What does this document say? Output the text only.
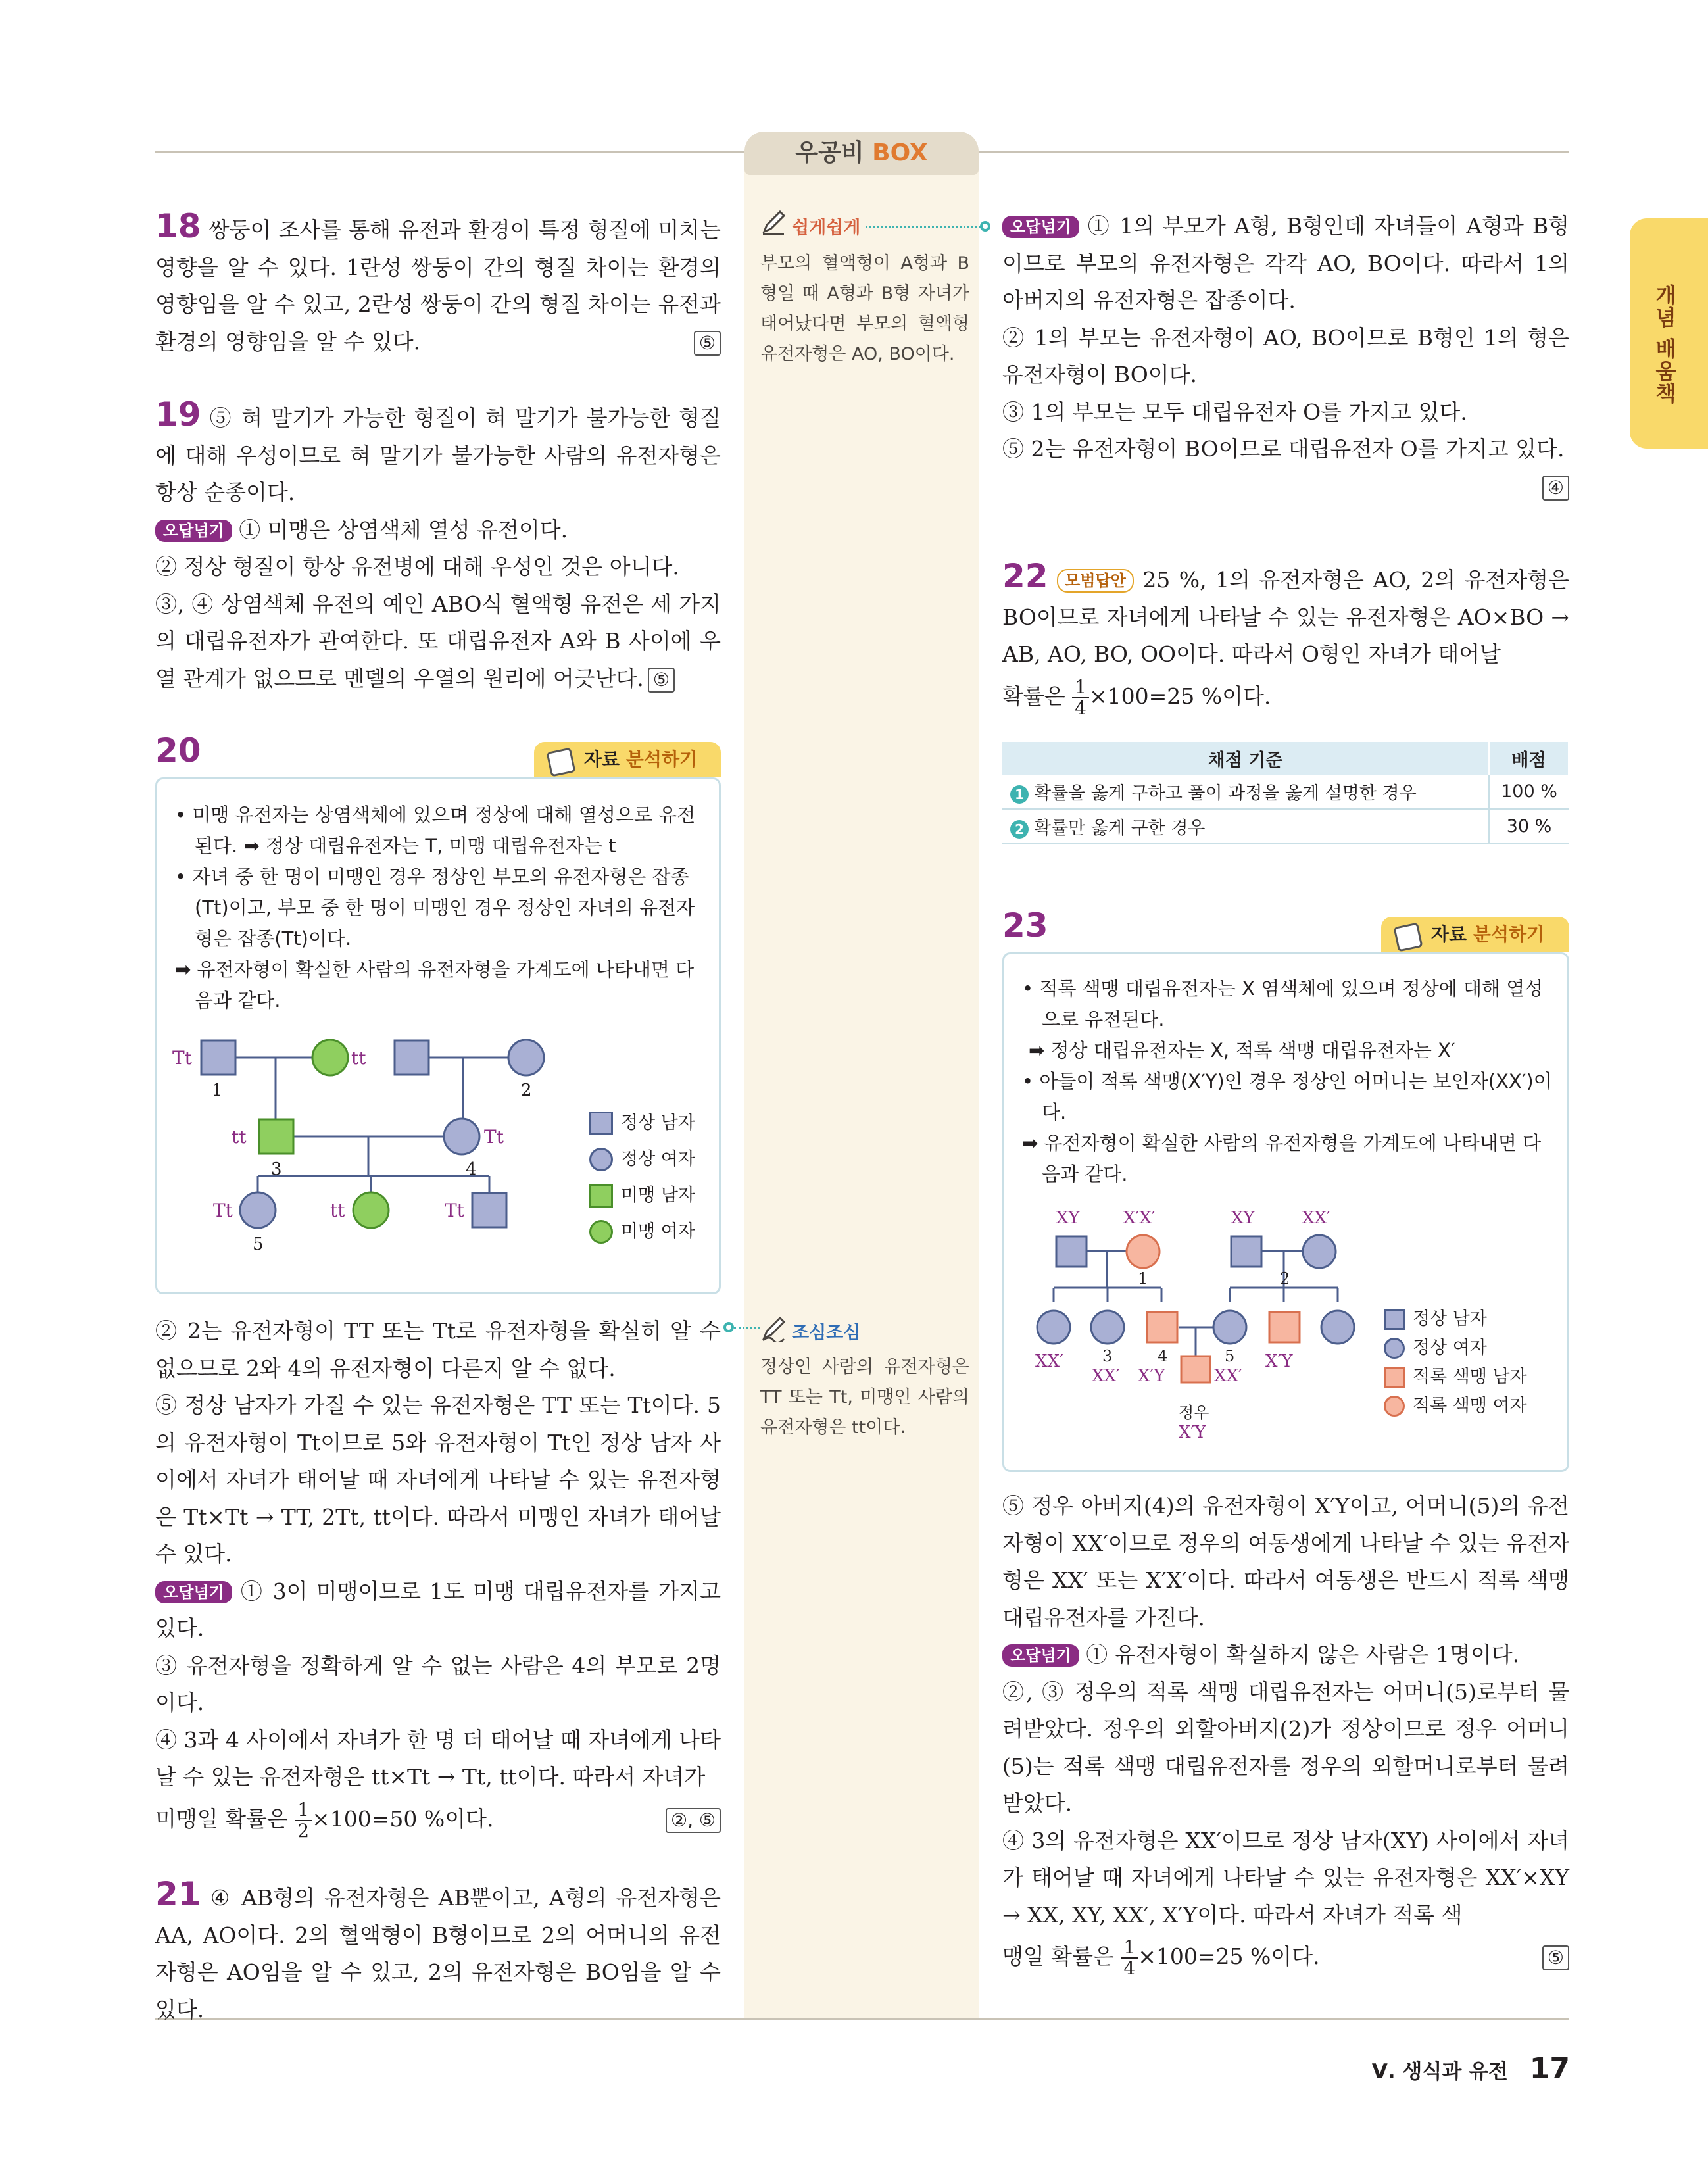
우공비 BOX
개념 배움책
18 쌍둥이 조사를 통해 유전과 환경이 특정 형질에 미치는 영향을 알 수 있다. 1란성 쌍둥이 간의 형질 차이는 환경의 영향임을 알 수 있고, 2란성 쌍둥이 간의 형질 차이는 유전과 환경의 영향임을 알 수 있다.	⑤
19 ⑤ 혀 말기가 가능한 형질이 혀 말기가 불가능한 형질에 대해 우성이므로 혀 말기가 불가능한 사람의 유전자형은 항상 순종이다.
오답넘기 ① 미맹은 상염색체 열성 유전이다.
② 정상 형질이 항상 유전병에 대해 우성인 것은 아니다.
③, ④ 상염색체 유전의 예인 ABO식 혈액형 유전은 세 가지의 대립유전자가 관여한다. 또 대립유전자 A와 B 사이에 우열 관계가 없으므로 멘델의 우열의 원리에 어긋난다. ⑤
20	자료 분석하기

• 미맹 유전자는 상염색체에 있으며 정상에 대해 열성으로 유전된다. ➡ 정상 대립유전자는 T, 미맹 대립유전자는 t

• 자녀 중 한 명이 미맹인 경우 정상인 부모의 유전자형은 잡종(Tt)이고, 부모 중 한 명이 미맹인 경우 정상인 자녀의 유전자형은 잡종(Tt)이다.

➡ 유전자형이 확실한 사람의 유전자형을 가계도에 나타내면 다음과 같다.

Tt	tt
tt	Tt
Tt	tt	Tt
1	2
3	4
5
정상 남자
정상 여자
미맹 남자
미맹 여자
② 2는 유전자형이 TT 또는 Tt로 유전자형을 확실히 알 수 없으므로 2와 4의 유전자형이 다른지 알 수 없다.
⑤ 정상 남자가 가질 수 있는 유전자형은 TT 또는 Tt이다. 5의 유전자형이 Tt이므로 5와 유전자형이 Tt인 정상 남자 사이에서 자녀가 태어날 때 자녀에게 나타날 수 있는 유전자형은 Tt×Tt → TT, 2Tt, tt이다. 따라서 미맹인 자녀가 태어날 수 있다.
오답넘기 ① 3이 미맹이므로 1도 미맹 대립유전자를 가지고 있다.
③ 유전자형을 정확하게 알 수 없는 사람은 4의 부모로 2명이다.
④ 3과 4 사이에서 자녀가 한 명 더 태어날 때 자녀에게 나타날 수 있는 유전자형은 tt×Tt → Tt, tt이다. 따라서 자녀가
미맹일 확률은 $\frac{1}{2} \times 100=50$ %이다.	②, ⑤
21 ④ AB형의 유전자형은 AB뿐이고, A형의 유전자형은 AA, AO이다. 2의 혈액형이 B형이므로 2의 어머니의 유전자형은 AO임을 알 수 있고, 2의 유전자형은 BO임을 알 수 있다.
쉽게쉽게
부모의 혈액형이 A형과 B형일 때 A형과 B형 자녀가 태어났다면 부모의 혈액형 유전자형은 AO, BO이다.
조심조심
정상인 사람의 유전자형은 TT 또는 Tt, 미맹인 사람의 유전자형은 tt이다.
오답넘기 ① 1의 부모가 A형, B형인데 자녀들이 A형과 B형이므로 부모의 유전자형은 각각 AO, BO이다. 따라서 1의 아버지의 유전자형은 잡종이다.
② 1의 부모는 유전자형이 AO, BO이므로 B형인 1의 형은 유전자형이 BO이다.
③ 1의 부모는 모두 대립유전자 O를 가지고 있다.
⑤ 2는 유전자형이 BO이므로 대립유전자 O를 가지고 있다.
④
22 모범답안 25 %, 1의 유전자형은 AO, 2의 유전자형은 BO이므로 자녀에게 나타날 수 있는 유전자형은 AO×BO → AB, AO, BO, OO이다. 따라서 O형인 자녀가 태어날
확률은 $\frac{1}{4} \times 100=25$ %이다.
채점 기준	배점
1 확률을 옳게 구하고 풀이 과정을 옳게 설명한 경우	100 %
2 확률만 옳게 구한 경우	30 %
23	자료 분석하기

• 적록 색맹 대립유전자는 X 염색체에 있으며 정상에 대해 열성으로 유전된다.

➡ 정상 대립유전자는 X, 적록 색맹 대립유전자는 X′

• 아들이 적록 색맹(X′Y)인 경우 정상인 어머니는 보인자(XX′)이다.

➡ 유전자형이 확실한 사람의 유전자형을 가계도에 나타내면 다음과 같다.

XY	X′X′	XY	XX′
XX′
XX′ X′Y	XX′
X′Y
X′Y
1	2
3	4	5
정우
정상 남자
정상 여자
적록 색맹 남자
적록 색맹 여자
⑤ 정우 아버지(4)의 유전자형이 X′Y이고, 어머니(5)의 유전자형이 XX′이므로 정우의 여동생에게 나타날 수 있는 유전자형은 XX′ 또는 X′X′이다. 따라서 여동생은 반드시 적록 색맹 대립유전자를 가진다.
오답넘기 ① 유전자형이 확실하지 않은 사람은 1명이다.
②, ③ 정우의 적록 색맹 대립유전자는 어머니(5)로부터 물려받았다. 정우의 외할아버지(2)가 정상이므로 정우 어머니(5)는 적록 색맹 대립유전자를 정우의 외할머니로부터 물려받았다.
④ 3의 유전자형은 XX′이므로 정상 남자(XY) 사이에서 자녀가 태어날 때 자녀에게 나타날 수 있는 유전자형은 XX′×XY → XX, XY, XX′, X′Y이다. 따라서 자녀가 적록 색
맹일 확률은 $\frac{1}{4} \times 100=25$ %이다.	⑤
Ⅴ. 생식과 유전 17
